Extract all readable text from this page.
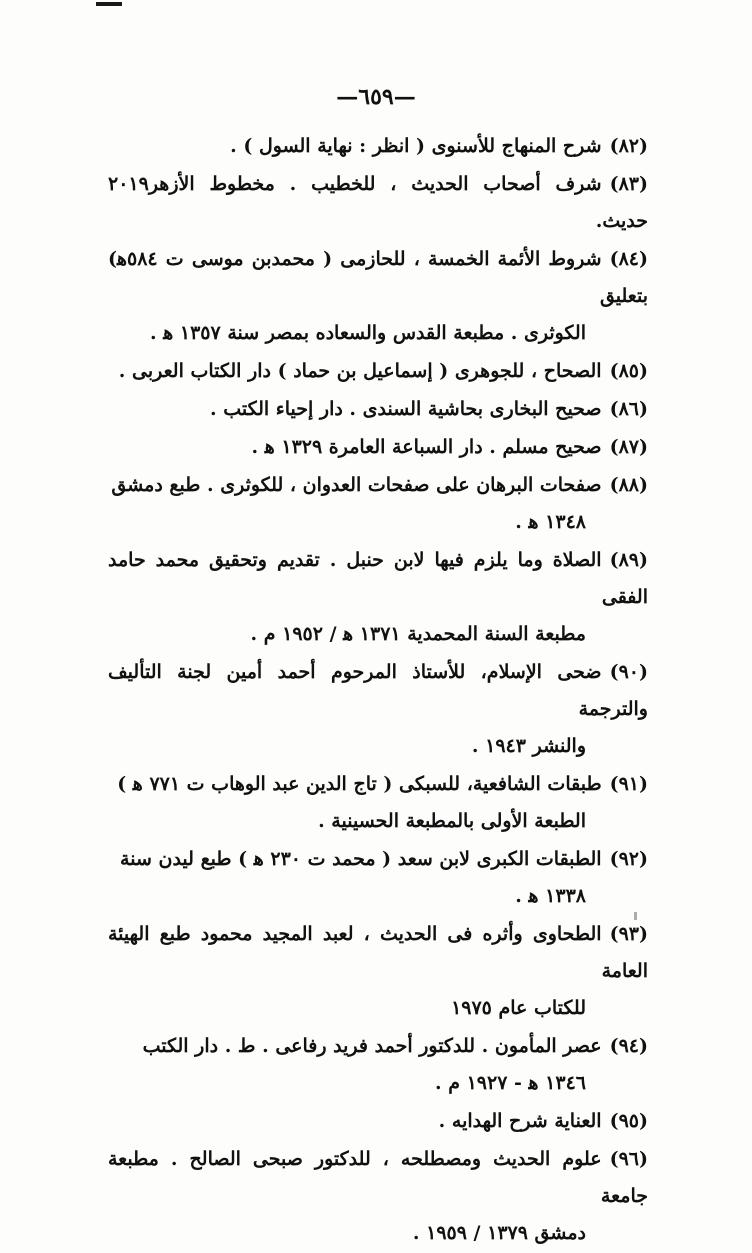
—٦٥٩—
(٨٢)شرح المنهاج للأسنوى ( انظر : نهاية السول ) .
(٨٣)شرف أصحاب الحديث ، للخطيب . مخطوط الأزهر٢٠١٩ حديث.
(٨٤)شروط الأئمة الخمسة ، للحازمى ( محمدبن موسى ت ٥٨٤ﻫ) بتعليق
الكوثرى . مطبعة القدس والسعاده بمصر سنة ١٣٥٧ ﻫ .
(٨٥)الصحاح ، للجوهرى ( إسماعيل بن حماد ) دار الكتاب العربى .
(٨٦)صحيح البخارى بحاشية السندى . دار إحياء الكتب .
(٨٧)صحيح مسلم . دار السباعة العامرة ١٣٢٩ ﻫ .
(٨٨)صفحات البرهان على صفحات العدوان ، للكوثرى . طبع دمشق
١٣٤٨ ﻫ .
(٨٩)الصلاة وما يلزم فيها لابن حنبل . تقديم وتحقيق محمد حامد الفقى
مطبعة السنة المحمدية ١٣٧١ ﻫ / ١٩٥٢ م .
(٩٠)ضحى الإسلام، للأستاذ المرحوم أحمد أمين لجنة التأليف والترجمة
والنشر ١٩٤٣ .
(٩١)طبقات الشافعية، للسبكى ( تاج الدين عبد الوهاب ت ٧٧١ ﻫ )
الطبعة الأولى بالمطبعة الحسينية .
(٩٢)الطبقات الكبرى لابن سعد ( محمد ت ٢٣٠ ﻫ ) طبع ليدن سنة
١٣٣٨ ﻫ .
(٩٣)الطحاوى وأثره فى الحديث ، لعبد المجيد محمود طبع الهيئة العامة
للكتاب عام ١٩٧٥
(٩٤)عصر المأمون . للدكتور أحمد فريد رفاعى . ط . دار الكتب
١٣٤٦ ﻫ - ١٩٢٧ م .
(٩٥)العناية شرح الهدايه .
(٩٦)علوم الحديث ومصطلحه ، للدكتور صبحى الصالح . مطبعة جامعة
دمشق ١٣٧٩ / ١٩٥٩ .
